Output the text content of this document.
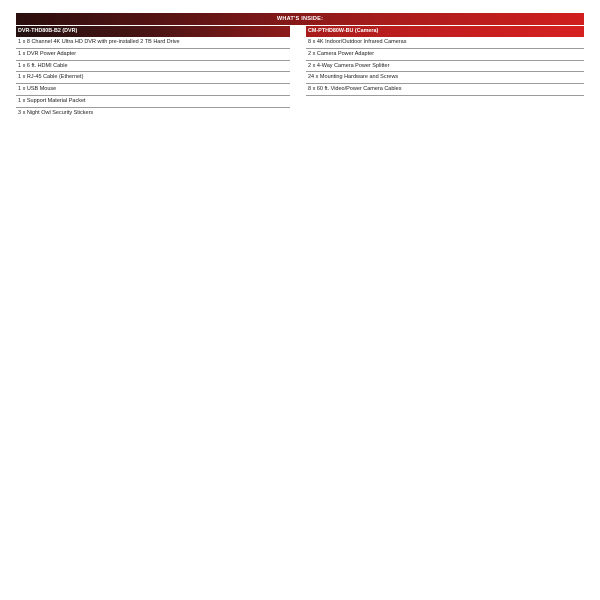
WHAT'S INSIDE:
DVR-THD80B-B2 (DVR)
1 x 8 Channel 4K Ultra HD DVR with pre-installed 2 TB Hard Drive
1 x DVR Power Adapter
1 x 6 ft. HDMI Cable
1 x RJ-45 Cable (Ethernet)
1 x USB Mouse
1 x Support Material Packet
3 x Night Owl Security Stickers
CM-PTHD80W-BU (Camera)
8 x 4K Indoor/Outdoor Infrared Cameras
2 x Camera Power Adapter
2 x 4-Way Camera Power Splitter
24 x Mounting Hardware and Screws
8 x 60 ft. Video/Power Camera Cables
